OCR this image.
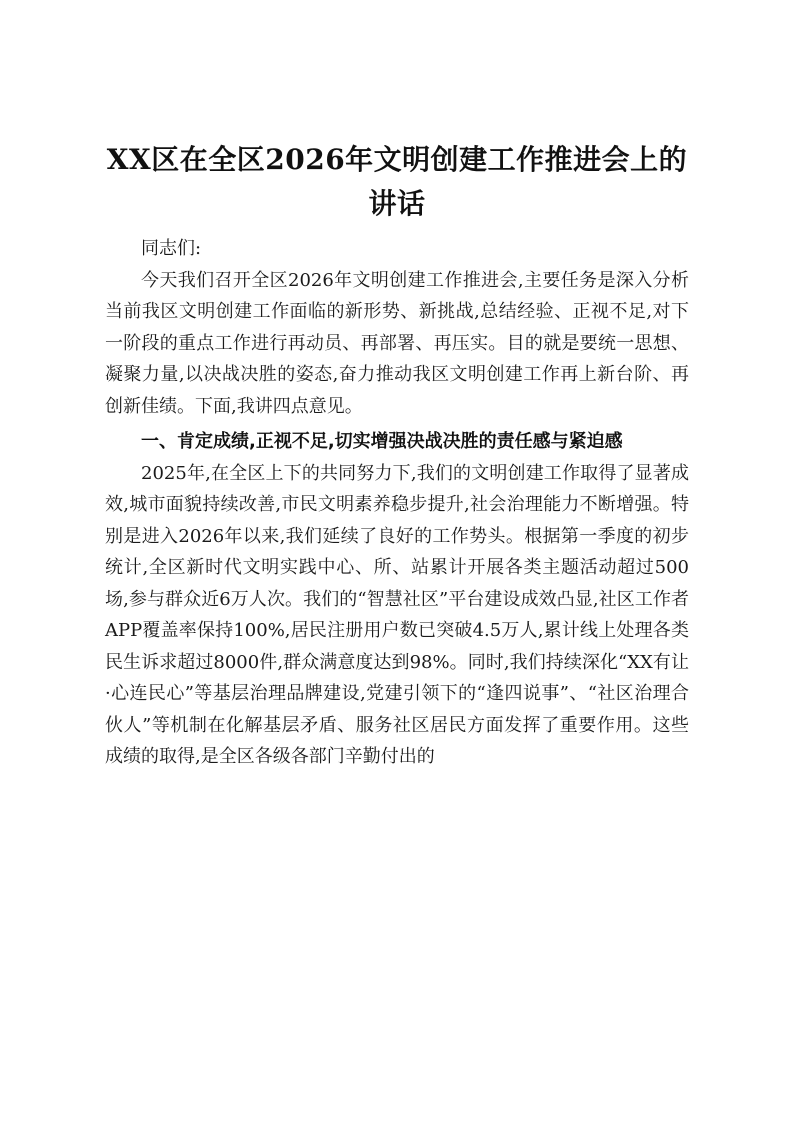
XX区在全区2026年文明创建工作推进会上的
讲话

同志们:

今天我们召开全区2026年文明创建工作推进会,主要任务是深入分析当前我区文明创建工作面临的新形势、新挑战,总结经验、正视不足,对下一阶段的重点工作进行再动员、再部署、再压实。目的就是要统一思想、凝聚力量,以决战决胜的姿态,奋力推动我区文明创建工作再上新台阶、再创新佳绩。下面,我讲四点意见。

一、肯定成绩,正视不足,切实增强决战决胜的责任感与紧迫感

2025年,在全区上下的共同努力下,我们的文明创建工作取得了显著成效,城市面貌持续改善,市民文明素养稳步提升,社会治理能力不断增强。特别是进入2026年以来,我们延续了良好的工作势头。根据第一季度的初步统计,全区新时代文明实践中心、所、站累计开展各类主题活动超过500场,参与群众近6万人次。我们的“智慧社区”平台建设成效凸显,社区工作者APP覆盖率保持100%,居民注册用户数已突破4.5万人,累计线上处理各类民生诉求超过8000件,群众满意度达到98%。同时,我们持续深化“XX有让·心连民心”等基层治理品牌建设,党建引领下的“逢四说事”、“社区治理合伙人”等机制在化解基层矛盾、服务社区居民方面发挥了重要作用。这些成绩的取得,是全区各级各部门辛勤付出的
